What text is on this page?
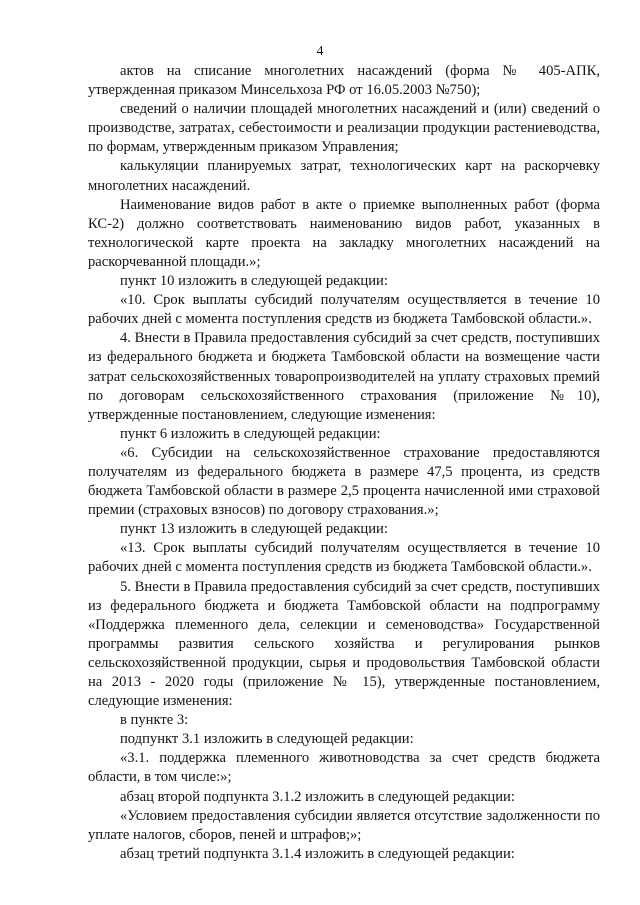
4

актов на списание многолетних насаждений (форма № 405-АПК, утвержденная приказом Минсельхоза РФ от 16.05.2003 №750);

сведений о наличии площадей многолетних насаждений и (или) сведений о производстве, затратах, себестоимости и реализации продукции растениеводства, по формам, утвержденным приказом Управления;

калькуляции планируемых затрат, технологических карт на раскорчевку многолетних насаждений.

Наименование видов работ в акте о приемке выполненных работ (форма КС-2) должно соответствовать наименованию видов работ, указанных в технологической карте проекта на закладку многолетних насаждений на раскорчеванной площади.»;

пункт 10 изложить в следующей редакции:

«10. Срок выплаты субсидий получателям осуществляется в течение 10 рабочих дней с момента поступления средств из бюджета Тамбовской области.».

4. Внести в Правила предоставления субсидий за счет средств, поступивших из федерального бюджета и бюджета Тамбовской области на возмещение части затрат сельскохозяйственных товаропроизводителей на уплату страховых премий по договорам сельскохозяйственного страхования (приложение №10), утвержденные постановлением, следующие изменения:

пункт 6 изложить в следующей редакции:

«6. Субсидии на сельскохозяйственное страхование предоставляются получателям из федерального бюджета в размере 47,5 процента, из средств бюджета Тамбовской области в размере 2,5 процента начисленной ими страховой премии (страховых взносов) по договору страхования.»;

пункт 13 изложить в следующей редакции:

«13. Срок выплаты субсидий получателям осуществляется в течение 10 рабочих дней с момента поступления средств из бюджета Тамбовской области.».

5. Внести в Правила предоставления субсидий за счет средств, поступивших из федерального бюджета и бюджета Тамбовской области на подпрограмму «Поддержка племенного дела, селекции и семеноводства» Государственной программы развития сельского хозяйства и регулирования рынков сельскохозяйственной продукции, сырья и продовольствия Тамбовской области на 2013 - 2020 годы (приложение № 15), утвержденные постановлением, следующие изменения:

в пункте 3:

подпункт 3.1 изложить в следующей редакции:

«3.1. поддержка племенного животноводства за счет средств бюджета области, в том числе:»;

абзац второй подпункта 3.1.2 изложить в следующей редакции:

«Условием предоставления субсидии является отсутствие задолженности по уплате налогов, сборов, пеней и штрафов;»;

абзац третий подпункта 3.1.4 изложить в следующей редакции:
